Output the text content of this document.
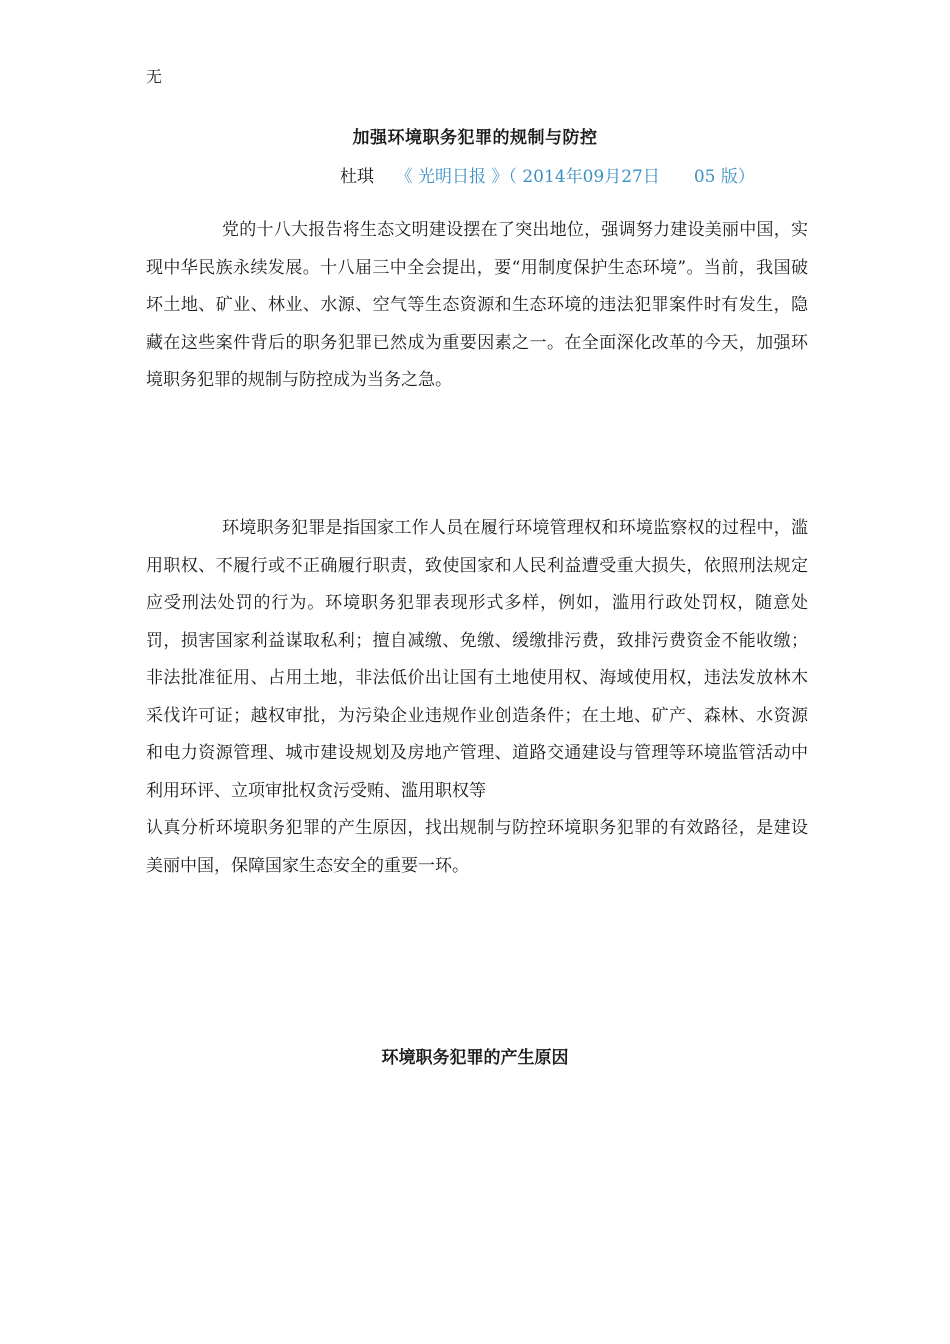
无
加强环境职务犯罪的规制与防控
杜琪 《 光明日报 》（ 2014年09月27日　　05 版）
党的十八大报告将生态文明建设摆在了突出地位，强调努力建设美丽中国，实现中华民族永续发展。十八届三中全会提出，要“用制度保护生态环境”。当前，我国破坏土地、矿业、林业、水源、空气等生态资源和生态环境的违法犯罪案件时有发生，隐藏在这些案件背后的职务犯罪已然成为重要因素之一。在全面深化改革的今天，加强环境职务犯罪的规制与防控成为当务之急。
环境职务犯罪是指国家工作人员在履行环境管理权和环境监察权的过程中，滥用职权、不履行或不正确履行职责，致使国家和人民利益遭受重大损失，依照刑法规定应受刑法处罚的行为。环境职务犯罪表现形式多样，例如，滥用行政处罚权，随意处罚，损害国家利益谋取私利；擅自减缴、免缴、缓缴排污费，致排污费资金不能收缴；非法批准征用、占用土地，非法低价出让国有土地使用权、海域使用权，违法发放林木采伐许可证；越权审批，为污染企业违规作业创造条件；在土地、矿产、森林、水资源和电力资源管理、城市建设规划及房地产管理、道路交通建设与管理等环境监管活动中利用环评、立项审批权贪污受贿、滥用职权等
认真分析环境职务犯罪的产生原因，找出规制与防控环境职务犯罪的有效路径，是建设美丽中国，保障国家生态安全的重要一环。
环境职务犯罪的产生原因
